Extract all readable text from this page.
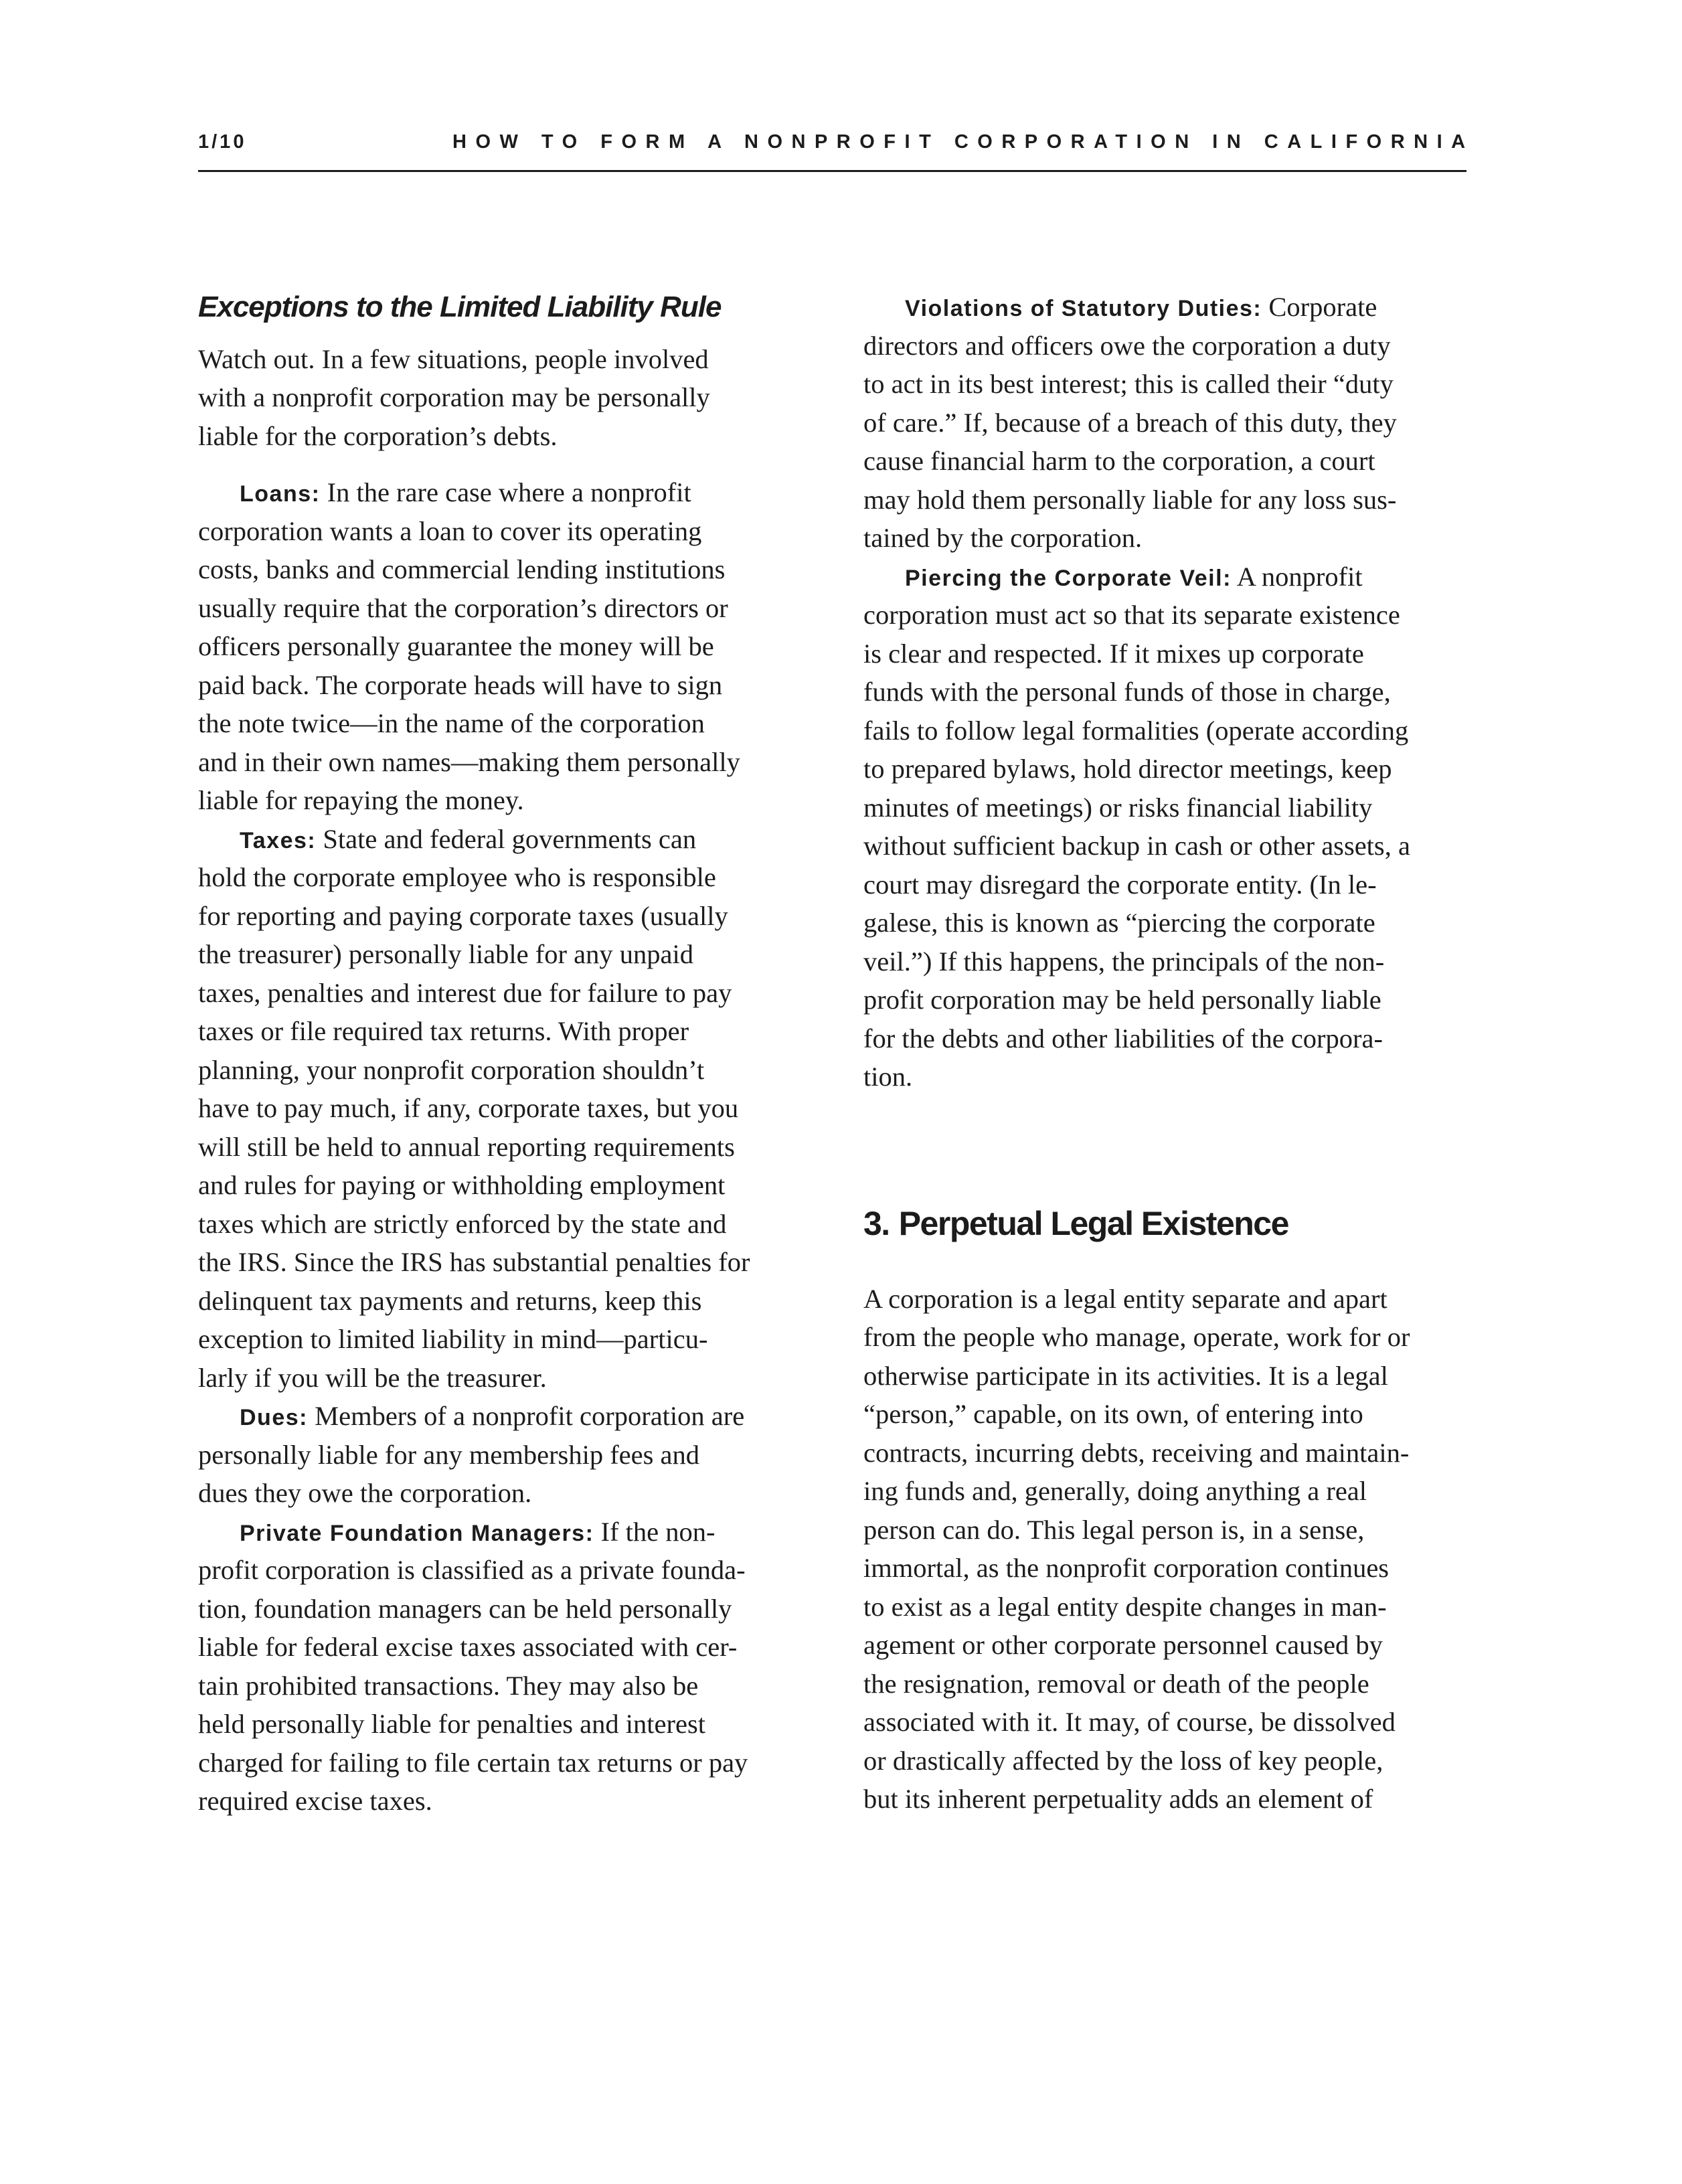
1/10	HOW TO FORM A NONPROFIT CORPORATION IN CALIFORNIA
Exceptions to the Limited Liability Rule
Watch out. In a few situations, people involved
with a nonprofit corporation may be personally
liable for the corporation’s debts.
Loans: In the rare case where a nonprofit
corporation wants a loan to cover its operating
costs, banks and commercial lending institutions
usually require that the corporation’s directors or
officers personally guarantee the money will be
paid back. The corporate heads will have to sign
the note twice—in the name of the corporation
and in their own names—making them personally
liable for repaying the money.
Taxes: State and federal governments can
hold the corporate employee who is responsible
for reporting and paying corporate taxes (usually
the treasurer) personally liable for any unpaid
taxes, penalties and interest due for failure to pay
taxes or file required tax returns. With proper
planning, your nonprofit corporation shouldn’t
have to pay much, if any, corporate taxes, but you
will still be held to annual reporting requirements
and rules for paying or withholding employment
taxes which are strictly enforced by the state and
the IRS. Since the IRS has substantial penalties for
delinquent tax payments and returns, keep this
exception to limited liability in mind—particu-
larly if you will be the treasurer.
Dues: Members of a nonprofit corporation are
personally liable for any membership fees and
dues they owe the corporation.
Private Foundation Managers: If the non-
profit corporation is classified as a private founda-
tion, foundation managers can be held personally
liable for federal excise taxes associated with cer-
tain prohibited transactions. They may also be
held personally liable for penalties and interest
charged for failing to file certain tax returns or pay
required excise taxes.
Violations of Statutory Duties: Corporate
directors and officers owe the corporation a duty
to act in its best interest; this is called their “duty
of care.” If, because of a breach of this duty, they
cause financial harm to the corporation, a court
may hold them personally liable for any loss sus-
tained by the corporation.
Piercing the Corporate Veil: A nonprofit
corporation must act so that its separate existence
is clear and respected. If it mixes up corporate
funds with the personal funds of those in charge,
fails to follow legal formalities (operate according
to prepared bylaws, hold director meetings, keep
minutes of meetings) or risks financial liability
without sufficient backup in cash or other assets, a
court may disregard the corporate entity. (In le-
galese, this is known as “piercing the corporate
veil.”) If this happens, the principals of the non-
profit corporation may be held personally liable
for the debts and other liabilities of the corpora-
tion.
3. Perpetual Legal Existence
A corporation is a legal entity separate and apart
from the people who manage, operate, work for or
otherwise participate in its activities. It is a legal
“person,” capable, on its own, of entering into
contracts, incurring debts, receiving and maintain-
ing funds and, generally, doing anything a real
person can do. This legal person is, in a sense,
immortal, as the nonprofit corporation continues
to exist as a legal entity despite changes in man-
agement or other corporate personnel caused by
the resignation, removal or death of the people
associated with it. It may, of course, be dissolved
or drastically affected by the loss of key people,
but its inherent perpetuality adds an element of
